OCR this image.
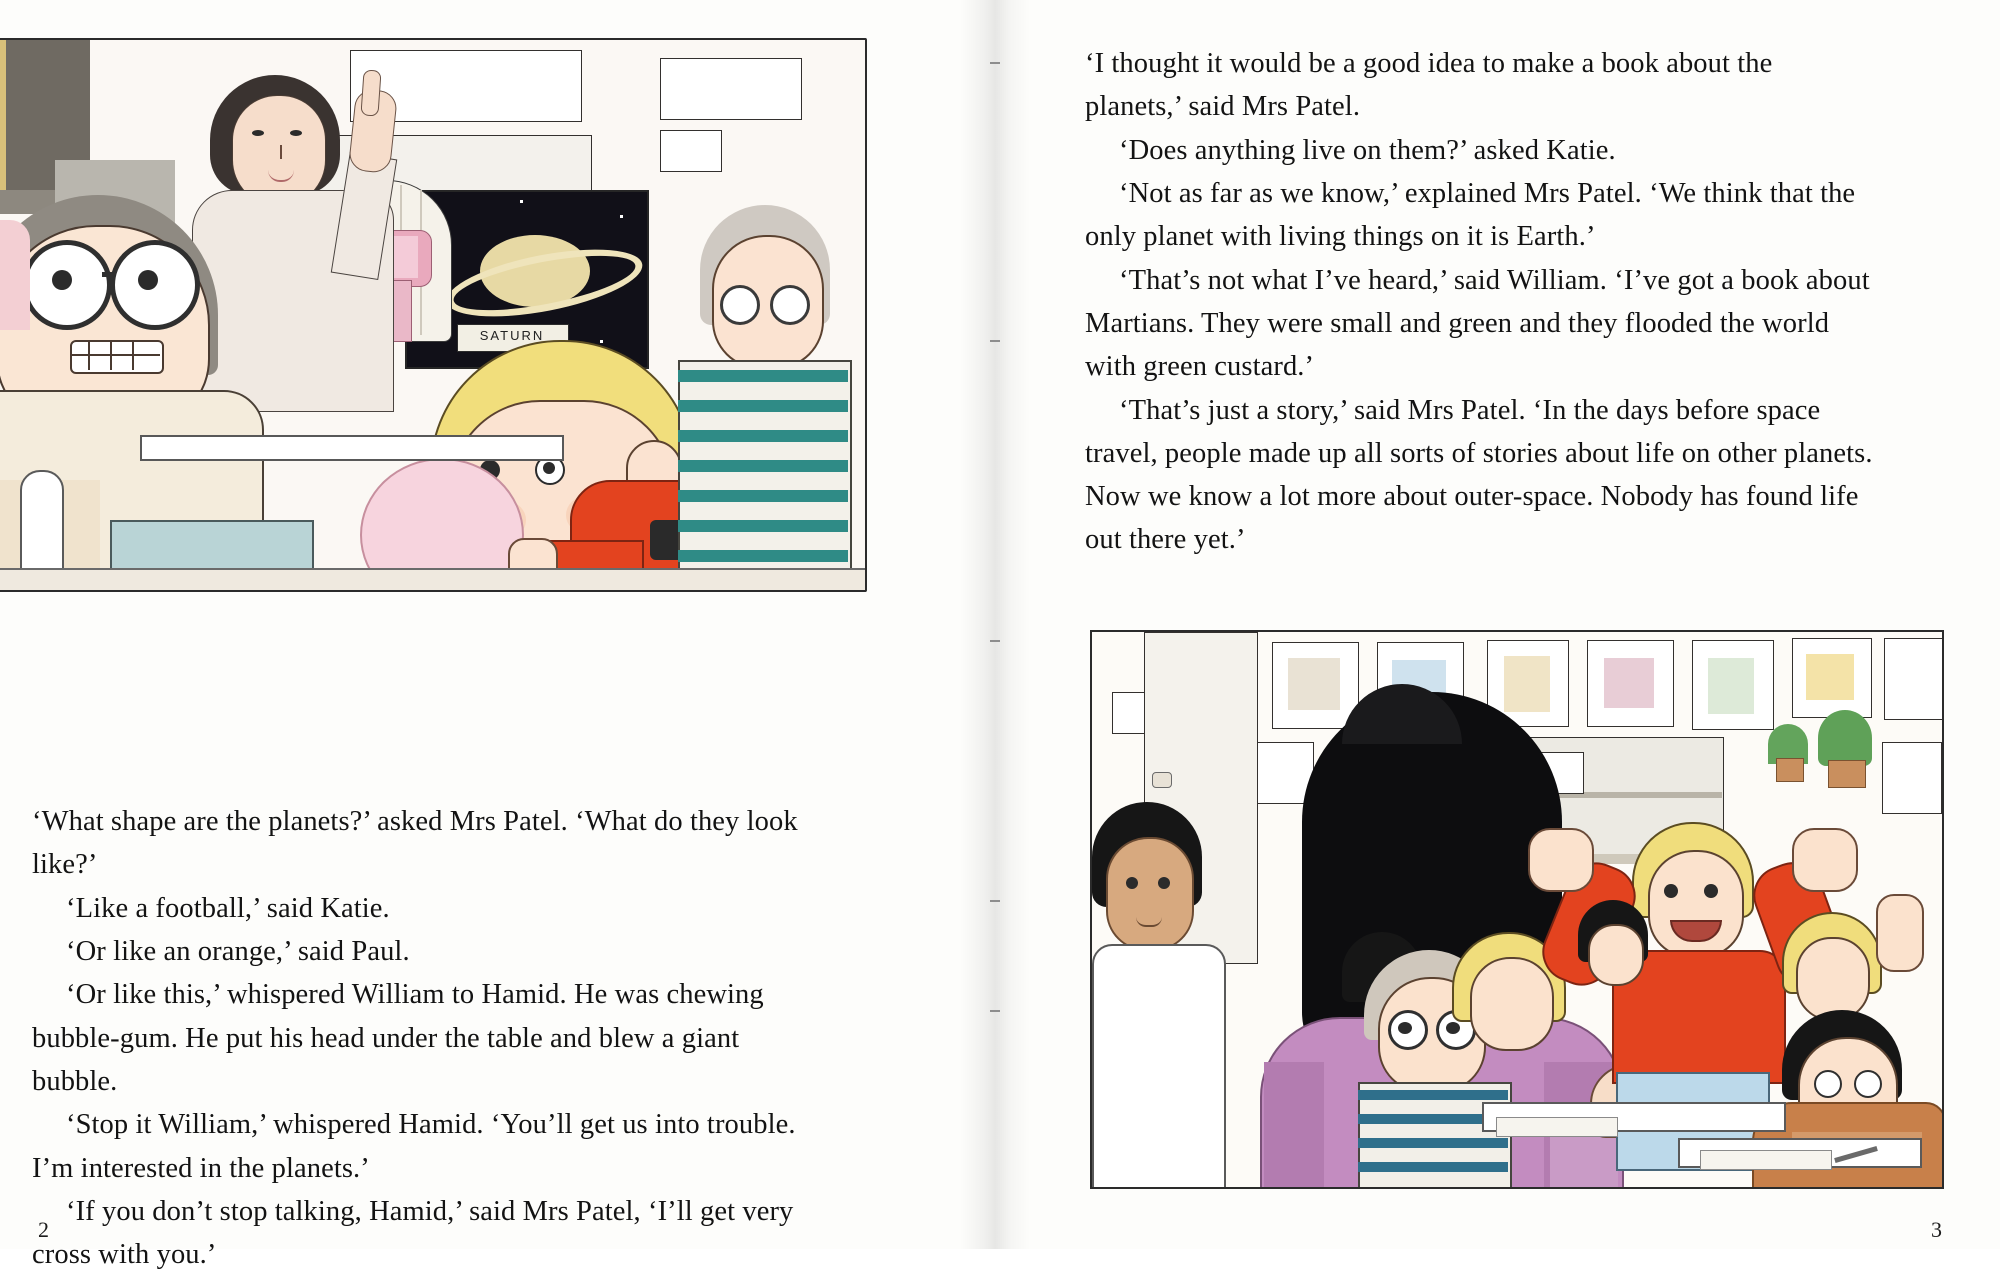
SATURN

‘What shape are the planets?’ asked Mrs Patel. ‘What do they look like?’

‘Like a football,’ said Katie.

‘Or like an orange,’ said Paul.

‘Or like this,’ whispered William to Hamid. He was chewing bubble-gum. He put his head under the table and blew a giant bubble.

‘Stop it William,’ whispered Hamid. ‘You’ll get us into trouble. I’m interested in the planets.’

‘If you don’t stop talking, Hamid,’ said Mrs Patel, ‘I’ll get very cross with you.’

2

‘I thought it would be a good idea to make a book about the planets,’ said Mrs Patel.

‘Does anything live on them?’ asked Katie.

‘Not as far as we know,’ explained Mrs Patel. ‘We think that the only planet with living things on it is Earth.’

‘That’s not what I’ve heard,’ said William. ‘I’ve got a book about Martians. They were small and green and they flooded the world with green custard.’

‘That’s just a story,’ said Mrs Patel. ‘In the days before space travel, people made up all sorts of stories about life on other planets. Now we know a lot more about outer-space. Nobody has found life out there yet.’

3
